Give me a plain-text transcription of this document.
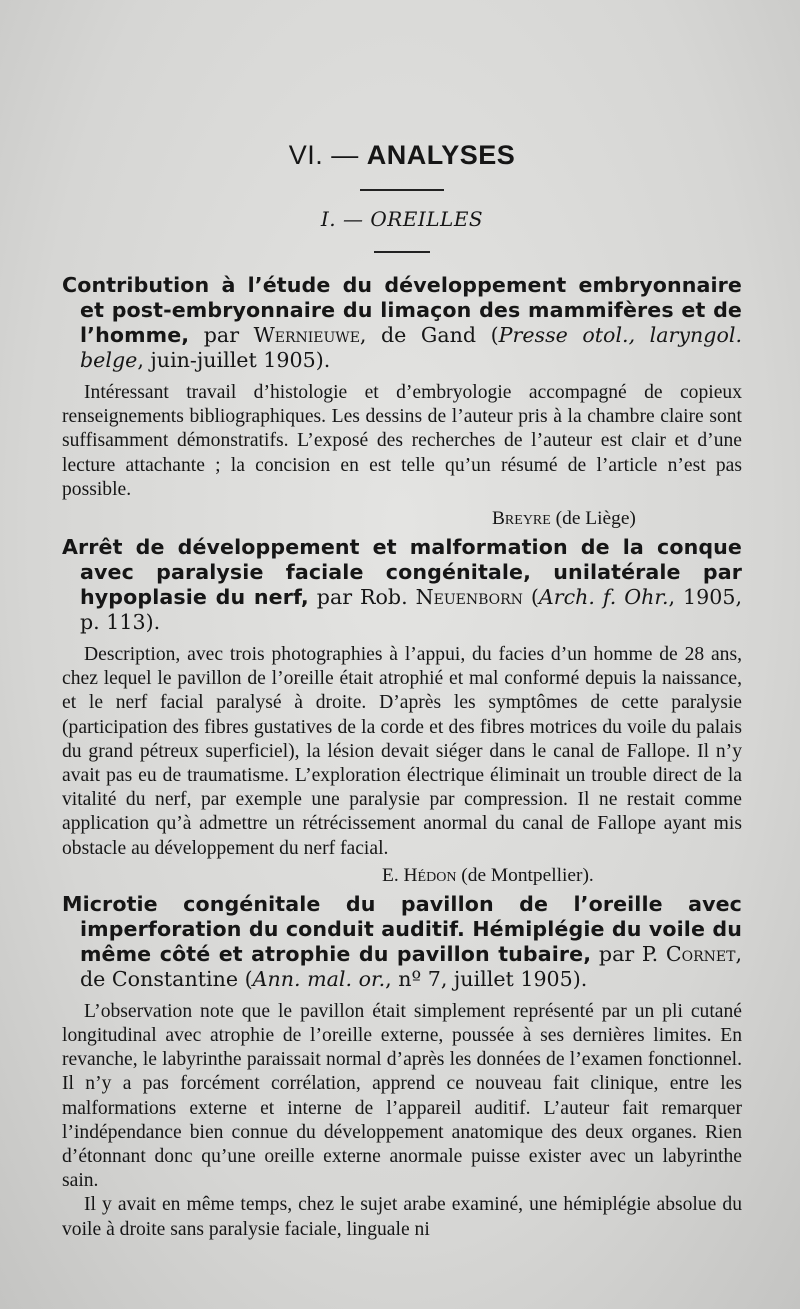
VI. — ANALYSES
I. — OREILLES

Contribution à l’étude du développement embryonnaire et post-embryonnaire du limaçon des mammifères et de l’homme, par Wernieuwe, de Gand (Presse otol., laryngol. belge, juin-juillet 1905).

Intéressant travail d’histologie et d’embryologie accompagné de copieux renseignements bibliographiques. Les dessins de l’auteur pris à la chambre claire sont suffisamment démonstratifs. L’exposé des recherches de l’auteur est clair et d’une lecture attachante ; la concision en est telle qu’un résumé de l’article n’est pas possible.

Breyre (de Liège)

Arrêt de développement et malformation de la conque avec paralysie faciale congénitale, unilatérale par hypoplasie du nerf, par Rob. Neuenborn (Arch. f. Ohr., 1905, p. 113).

Description, avec trois photographies à l’appui, du facies d’un homme de 28 ans, chez lequel le pavillon de l’oreille était atrophié et mal conformé depuis la naissance, et le nerf facial paralysé à droite. D’après les symptômes de cette paralysie (participation des fibres gustatives de la corde et des fibres motrices du voile du palais du grand pétreux superficiel), la lésion devait siéger dans le canal de Fallope. Il n’y avait pas eu de traumatisme. L’exploration électrique éliminait un trouble direct de la vitalité du nerf, par exemple une paralysie par compression. Il ne restait comme application qu’à admettre un rétrécissement anormal du canal de Fallope ayant mis obstacle au développement du nerf facial.

E. Hédon (de Montpellier).

Microtie congénitale du pavillon de l’oreille avec imperforation du conduit auditif. Hémiplégie du voile du même côté et atrophie du pavillon tubaire, par P. Cornet, de Constantine (Ann. mal. or., nº 7, juillet 1905).

L’observation note que le pavillon était simplement représenté par un pli cutané longitudinal avec atrophie de l’oreille externe, poussée à ses dernières limites. En revanche, le labyrinthe paraissait normal d’après les données de l’examen fonctionnel. Il n’y a pas forcément corrélation, apprend ce nouveau fait clinique, entre les malformations externe et interne de l’appareil auditif. L’auteur fait remarquer l’indépendance bien connue du développement anatomique des deux organes. Rien d’étonnant donc qu’une oreille externe anormale puisse exister avec un labyrinthe sain.

Il y avait en même temps, chez le sujet arabe examiné, une hémiplégie absolue du voile à droite sans paralysie faciale, linguale ni
